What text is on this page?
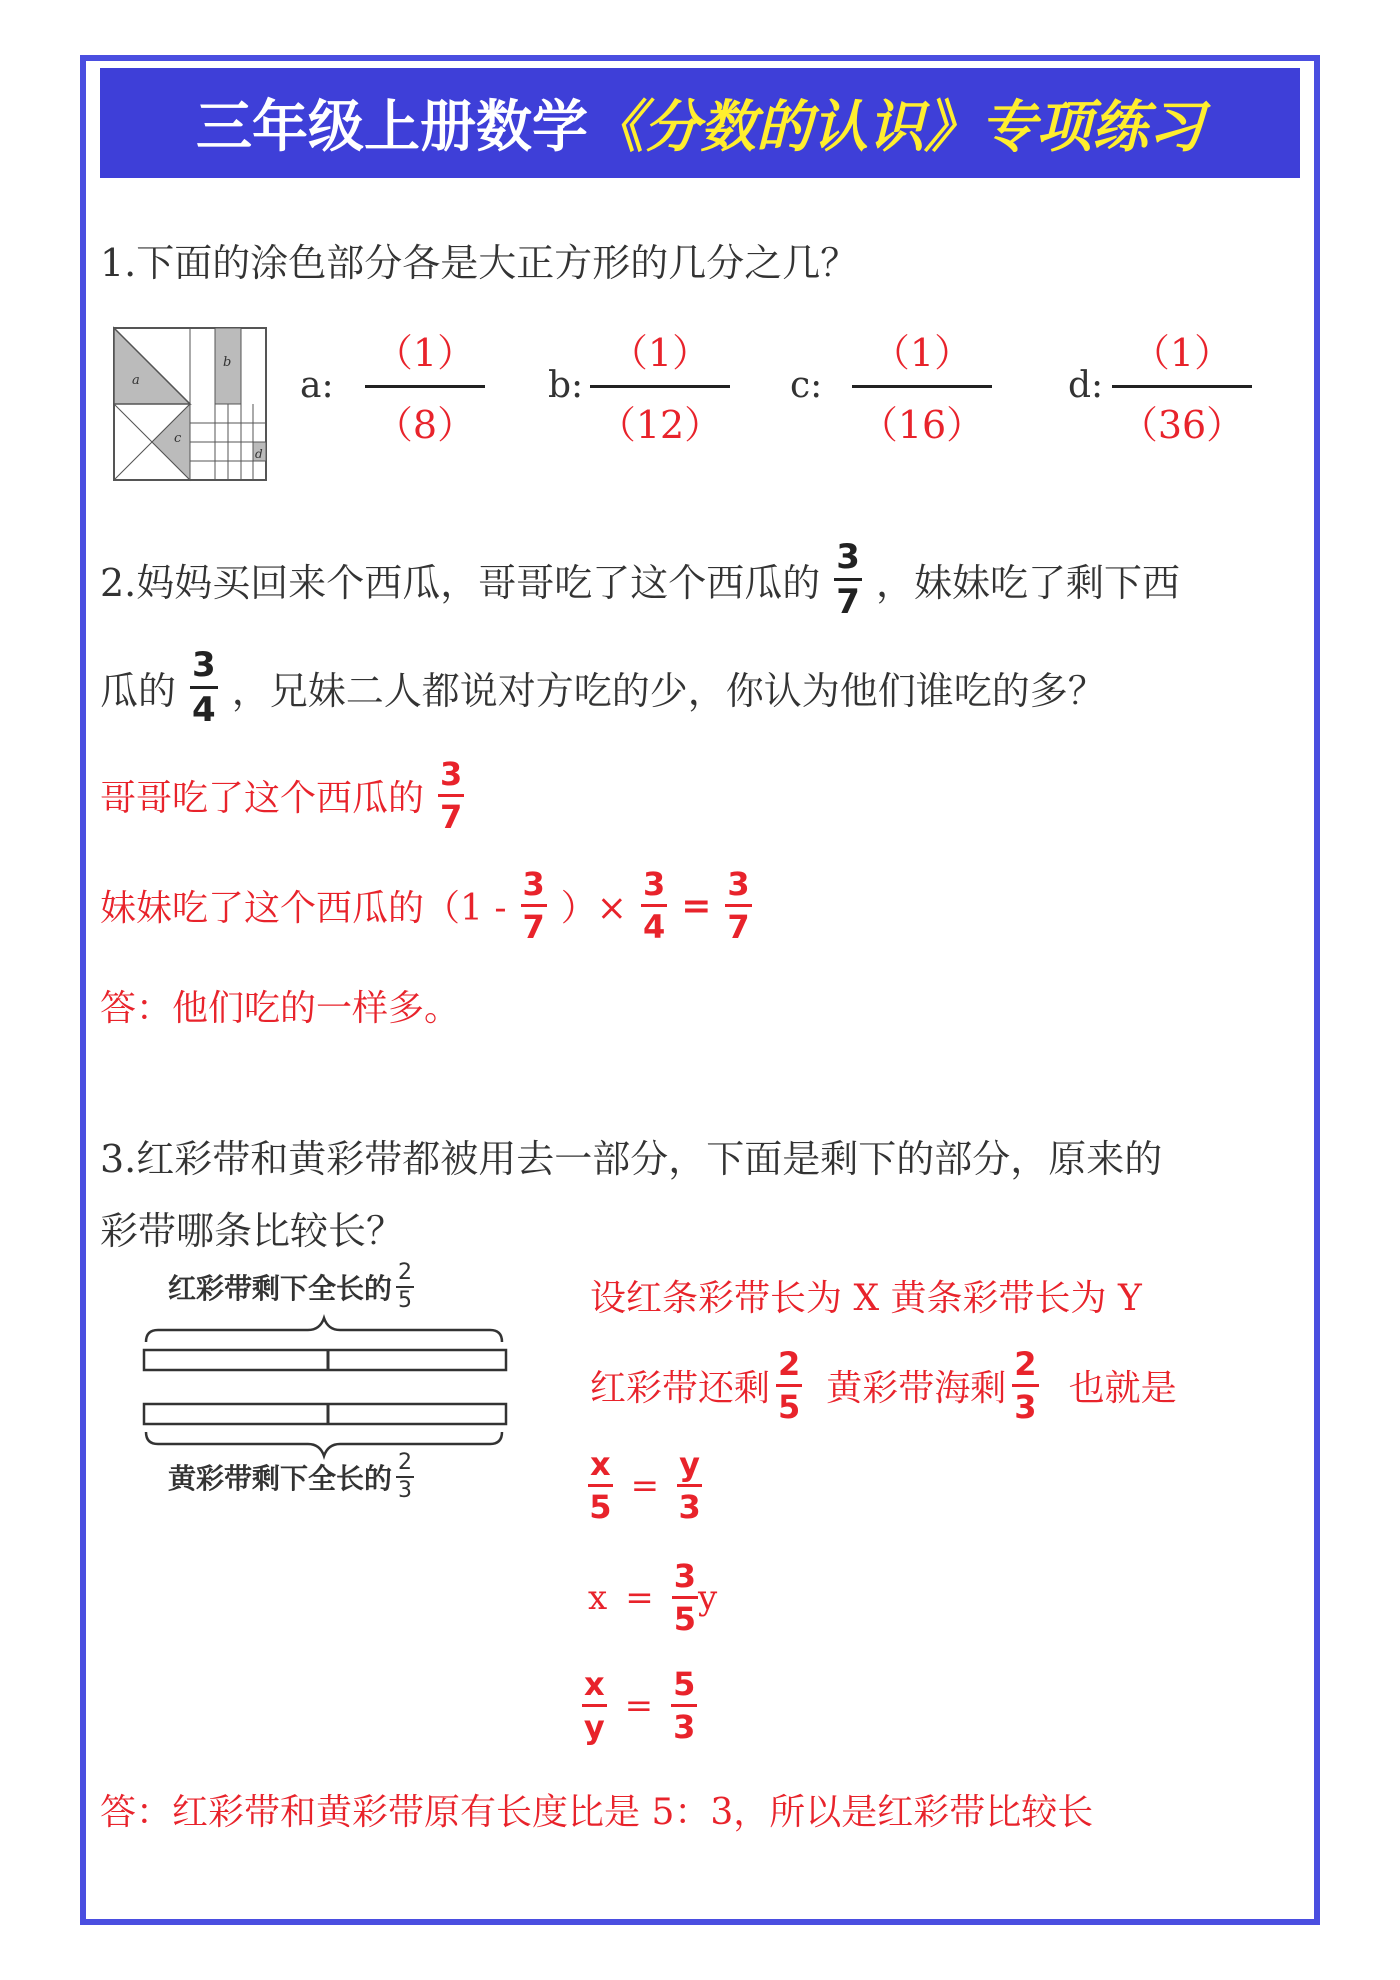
三年级上册数学 《分数的认识》 专项练习
1.下面的涂色部分各是大正方形的几分之几？
a
b
c
d
a: $\frac{(1)}{(8)} b$: $\frac{(1)}{(12)} c$: $\frac{(1)}{(16)} d$: $\frac{(1)}{(36)}$
2.妈妈买回来个西瓜，哥哥吃了这个西瓜的 $\frac{3}{7}$ ，妹妹吃了剩下西
瓜的 $\frac{3}{4}$ ，兄妹二人都说对方吃的少，你认为他们谁吃的多？
哥哥吃了这个西瓜的 $\frac{3}{7}$
妹妹吃了这个西瓜的（$1 - \frac{3}{7}$ ）× $\frac{3}{4} = \frac{3}{7}$
答：他们吃的一样多。
3.红彩带和黄彩带都被用去一部分，下面是剩下的部分，原来的
彩带哪条比较长？
红彩带剩下全长的 $\frac{2}{5}$
黄彩带剩下全长的 $\frac{2}{3}$
设红条彩带长为 X 黄条彩带长为 Y
红彩带还剩 $\frac{2}{5}$ 黄彩带海剩 $\frac{2}{3}$ 也就是
$\frac{x}{5} = \frac{y}{3}$
$x = \frac{3}{5}$ y
$\frac{x}{y} = \frac{5}{3}$
答：红彩带和黄彩带原有长度比是 5：3，所以是红彩带比较长
